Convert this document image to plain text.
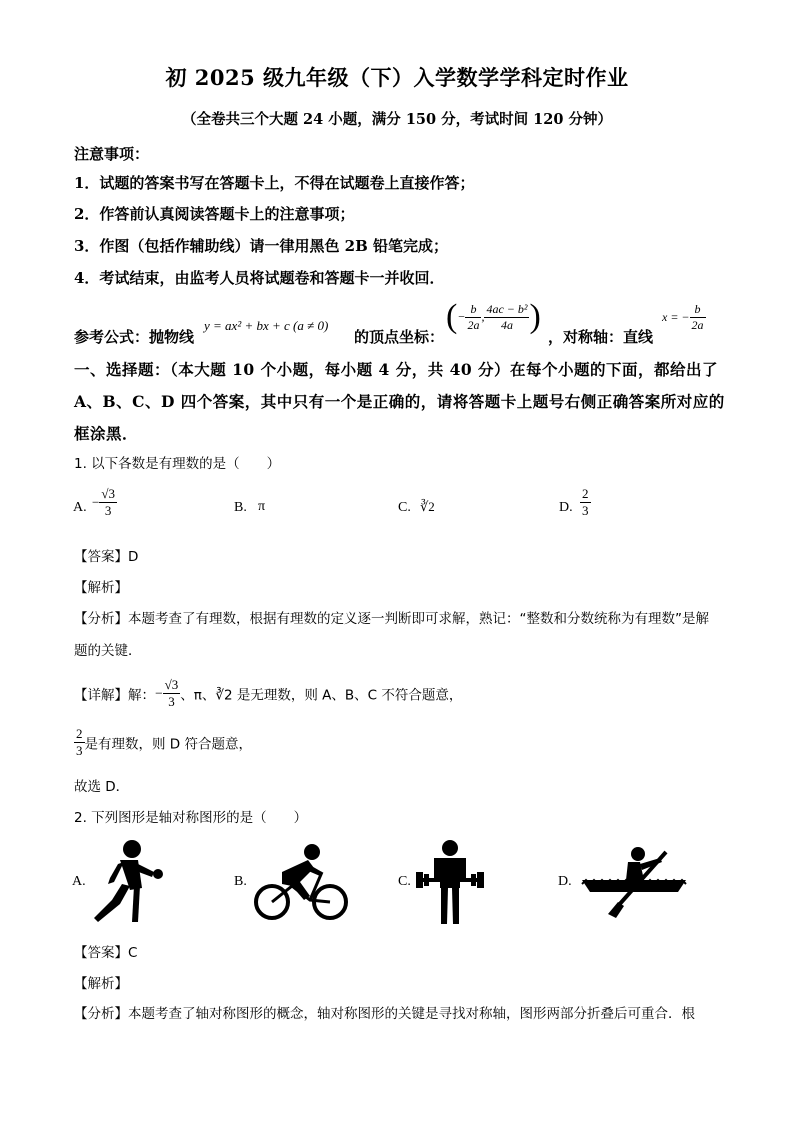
初 2025 级九年级（下）入学数学学科定时作业
（全卷共三个大题 24 小题，满分 150 分，考试时间 120 分钟）
注意事项：
1．试题的答案书写在答题卡上，不得在试题卷上直接作答；
2．作答前认真阅读答题卡上的注意事项；
3．作图（包括作辅助线）请一律用黑色 2B 铅笔完成；
4．考试结束，由监考人员将试题卷和答题卡一并收回．
参考公式：抛物线
y = ax² + bx + c (a ≠ 0)
的顶点坐标：
(− $\frac{b}{2a}$ , $\frac{\text{4ac − b²}}{4a}$ )
，对称轴：直线
x = − $\frac{b}{2a}$
一、选择题：（本大题 10 个小题，每小题 4 分，共 40 分）在每个小题的下面，都给出了
A、B、C、D 四个答案，其中只有一个是正确的，请将答题卡上题号右侧正确答案所对应的
框涂黑．
1. 以下各数是有理数的是（　　）
A. − $\frac{√3}{3}$	B. π	C. ∛2	D. $\frac{2}{3}$
【答案】D
【解析】
【分析】本题考查了有理数，根据有理数的定义逐一判断即可求解，熟记：“整数和分数统称为有理数”是解
题的关键．
【详解】解：− $\frac{√3}{3}$ 、π、∛2 是无理数，则 A、B、C 不符合题意，
$\frac{2}{3}$ 是有理数，则 D 符合题意，
故选 D．
2. 下列图形是轴对称图形的是（　　）
A.	B.	C.	D.
【答案】C
【解析】
【分析】本题考查了轴对称图形的概念，轴对称图形的关键是寻找对称轴，图形两部分折叠后可重合．根
